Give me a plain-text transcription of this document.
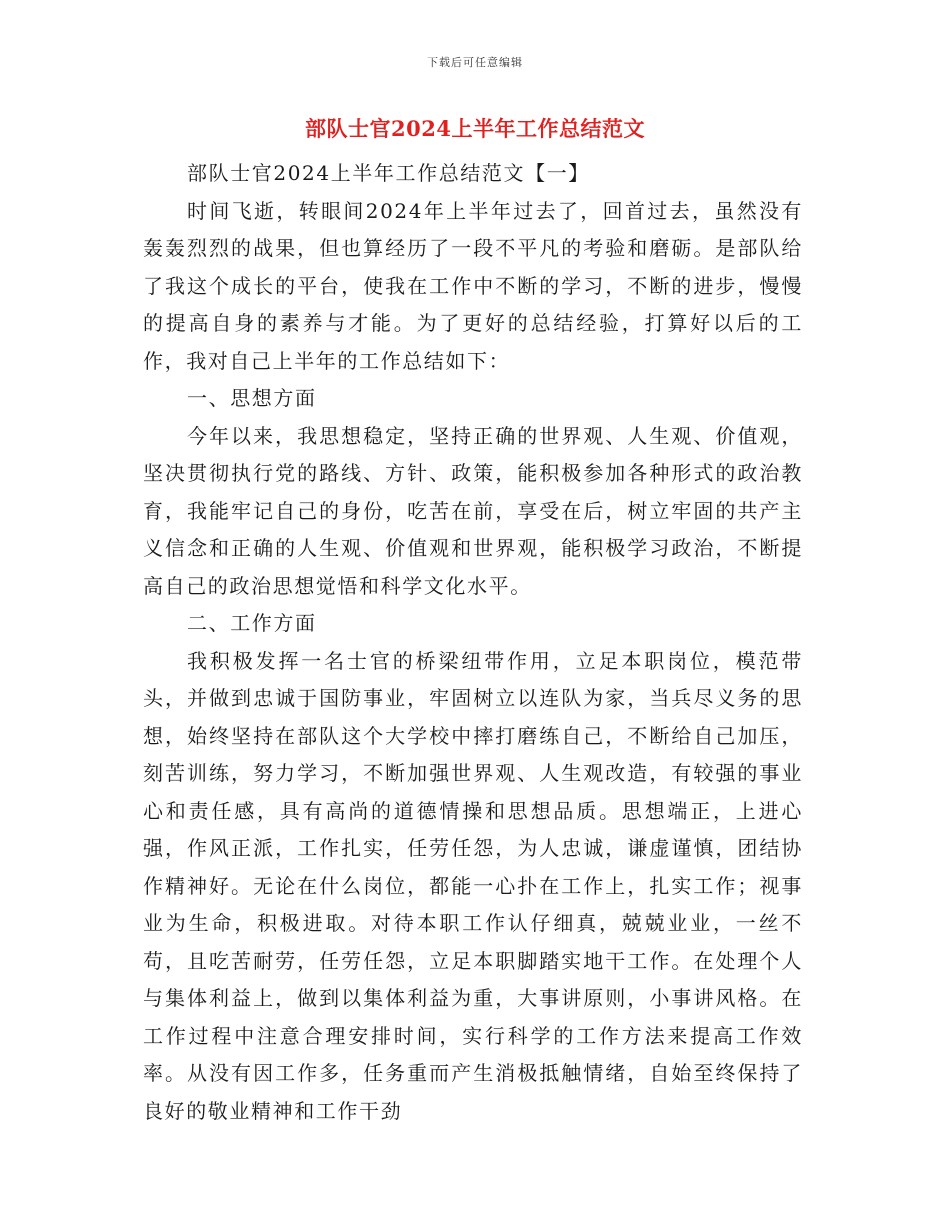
下载后可任意编辑
部队士官2024上半年工作总结范文

部队士官2024上半年工作总结范文【一】

时间飞逝，转眼间2024年上半年过去了，回首过去，虽然没有轰轰烈烈的战果，但也算经历了一段不平凡的考验和磨砺。是部队给了我这个成长的平台，使我在工作中不断的学习，不断的进步，慢慢的提高自身的素养与才能。为了更好的总结经验，打算好以后的工作，我对自己上半年的工作总结如下：

一、思想方面

今年以来，我思想稳定，坚持正确的世界观、人生观、价值观，坚决贯彻执行党的路线、方针、政策，能积极参加各种形式的政治教育，我能牢记自己的身份，吃苦在前，享受在后，树立牢固的共产主义信念和正确的人生观、价值观和世界观，能积极学习政治，不断提高自己的政治思想觉悟和科学文化水平。

二、工作方面

我积极发挥一名士官的桥梁纽带作用，立足本职岗位，模范带头，并做到忠诚于国防事业，牢固树立以连队为家，当兵尽义务的思想，始终坚持在部队这个大学校中摔打磨练自己，不断给自己加压，刻苦训练，努力学习，不断加强世界观、人生观改造，有较强的事业心和责任感，具有高尚的道德情操和思想品质。思想端正，上进心强，作风正派，工作扎实，任劳任怨，为人忠诚，谦虚谨慎，团结协作精神好。无论在什么岗位，都能一心扑在工作上，扎实工作；视事业为生命，积极进取。对待本职工作认仔细真，兢兢业业，一丝不苟，且吃苦耐劳，任劳任怨，立足本职脚踏实地干工作。在处理个人与集体利益上，做到以集体利益为重，大事讲原则，小事讲风格。在工作过程中注意合理安排时间，实行科学的工作方法来提高工作效率。从没有因工作多，任务重而产生消极抵触情绪，自始至终保持了良好的敬业精神和工作干劲
